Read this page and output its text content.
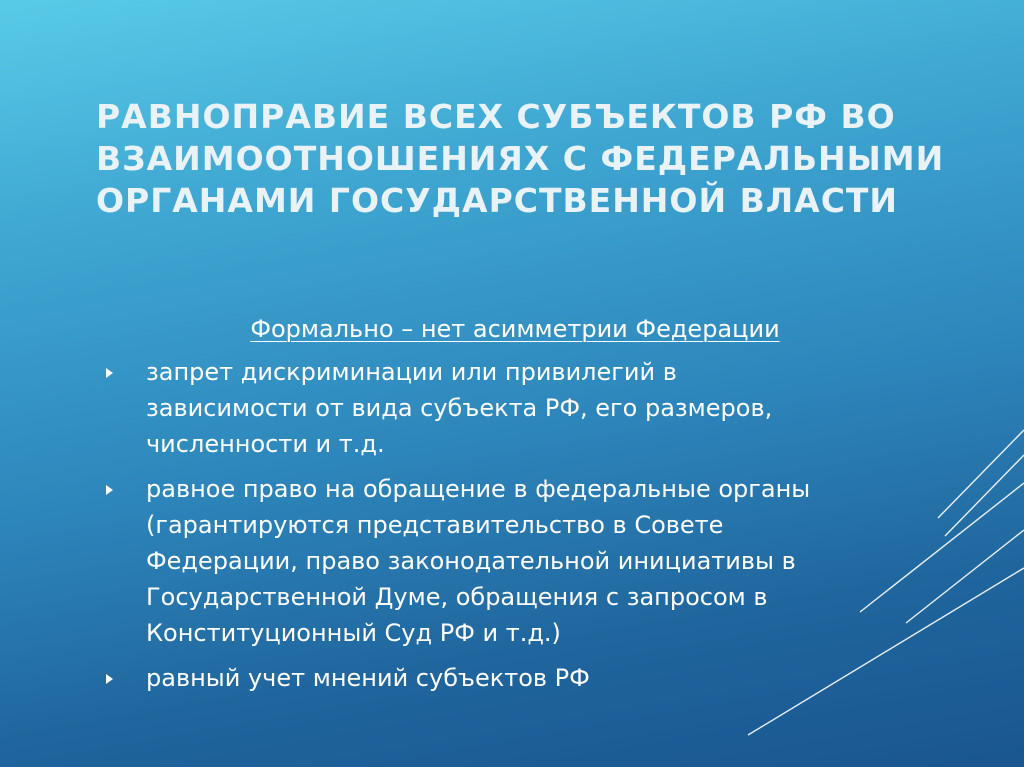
РАВНОПРАВИЕ ВСЕХ СУБЪЕКТОВ РФ ВО
ВЗАИМООТНОШЕНИЯХ С ФЕДЕРАЛЬНЫМИ
ОРГАНАМИ ГОСУДАРСТВЕННОЙ ВЛАСТИ

Формально – нет асимметрии Федерации

запрет дискриминации или привилегий в
зависимости от вида субъекта РФ, его размеров,
численности и т.д.
равное право на обращение в федеральные органы
(гарантируются представительство в Совете
Федерации, право законодательной инициативы в
Государственной Думе, обращения с запросом в
Конституционный Суд РФ и т.д.)
равный учет мнений субъектов РФ
